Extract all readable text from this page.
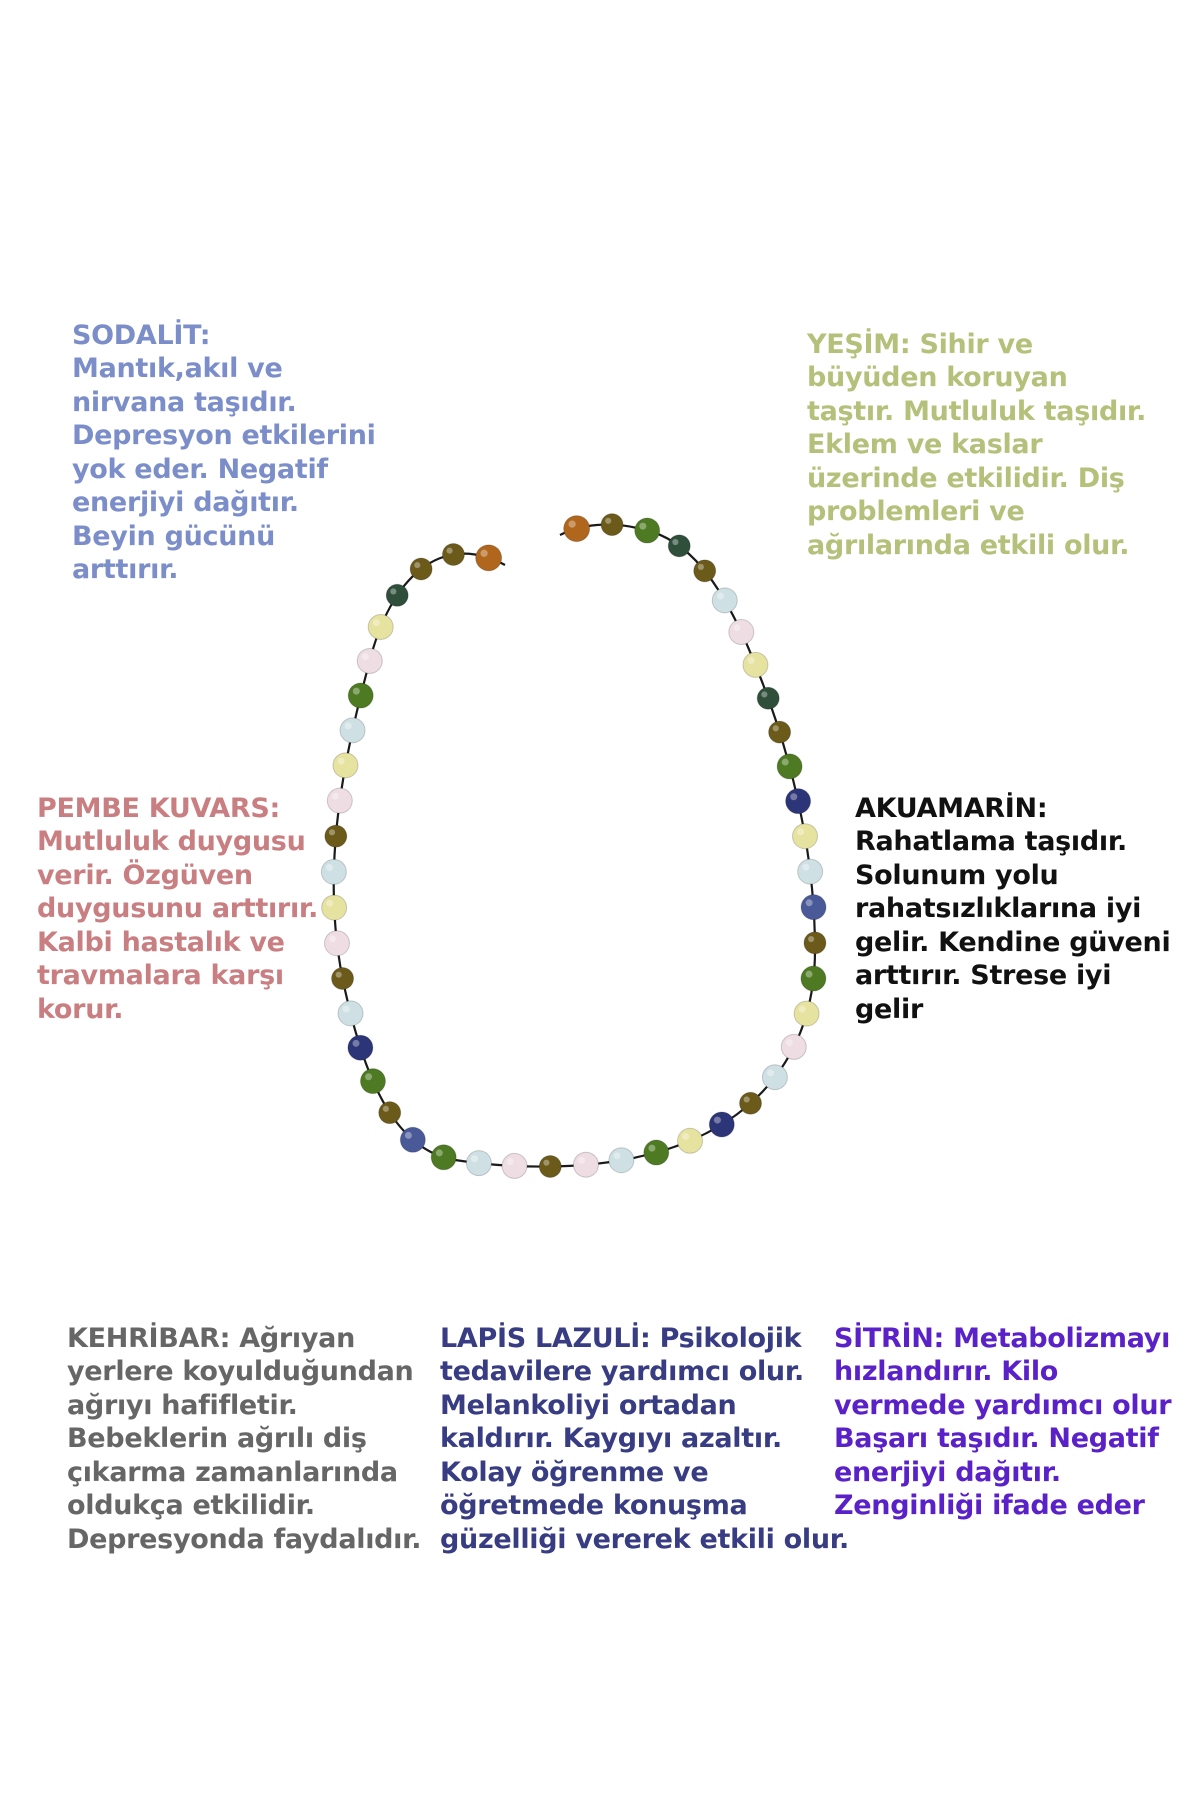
SODALİT:
Mantık,akıl ve
nirvana taşıdır.
Depresyon etkilerini
yok eder. Negatif
enerjiyi dağıtır.
Beyin gücünü
arttırır.

YEŞİM: Sihir ve
büyüden koruyan
taştır. Mutluluk taşıdır.
Eklem ve kaslar
üzerinde etkilidir. Diş
problemleri ve
ağrılarında etkili olur.

PEMBE KUVARS:
Mutluluk duygusu
verir. Özgüven
duygusunu arttırır.
Kalbi hastalık ve
travmalara karşı
korur.

AKUAMARİN:
Rahatlama taşıdır.
Solunum yolu
rahatsızlıklarına iyi
gelir. Kendine güveni
arttırır. Strese iyi
gelir

KEHRİBAR: Ağrıyan
yerlere koyulduğundan
ağrıyı hafifletir.
Bebeklerin ağrılı diş
çıkarma zamanlarında
oldukça etkilidir.
Depresyonda faydalıdır.

LAPİS LAZULİ: Psikolojik
tedavilere yardımcı olur.
Melankoliyi ortadan
kaldırır. Kaygıyı azaltır.
Kolay öğrenme ve
öğretmede konuşma
güzelliği vererek etkili olur.

SİTRİN: Metabolizmayı
hızlandırır. Kilo
vermede yardımcı olur
Başarı taşıdır. Negatif
enerjiyi dağıtır.
Zenginliği ifade eder
